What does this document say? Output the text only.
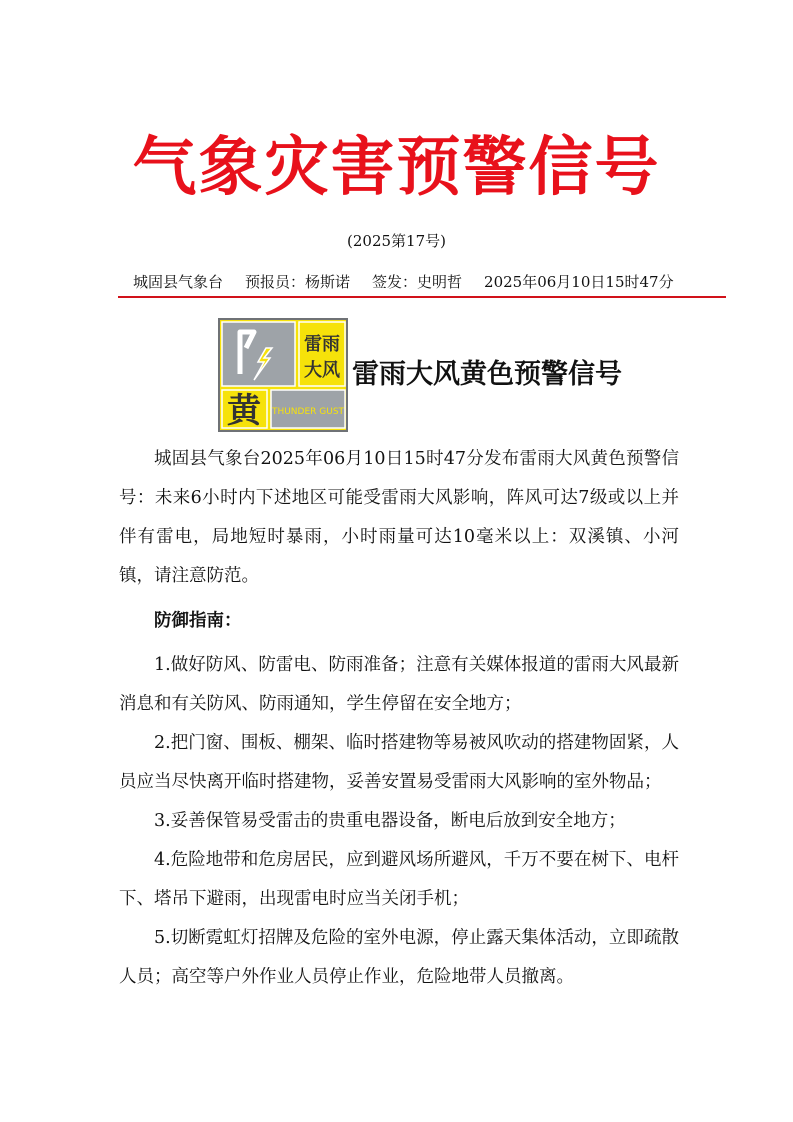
气象灾害预警信号
(2025第17号)
城固县气象台 预报员：杨斯诺 签发：史明哲 2025年06月10日15时47分
雷雨
大风
黄 THUNDER GUST
雷雨大风黄色预警信号

城固县气象台2025年06月10日15时47分发布雷雨大风黄色预警信号：未来6小时内下述地区可能受雷雨大风影响，阵风可达7级或以上并伴有雷电，局地短时暴雨，小时雨量可达10毫米以上：双溪镇、小河镇，请注意防范。

防御指南：

1.做好防风、防雷电、防雨准备；注意有关媒体报道的雷雨大风最新消息和有关防风、防雨通知，学生停留在安全地方；

2.把门窗、围板、棚架、临时搭建物等易被风吹动的搭建物固紧，人员应当尽快离开临时搭建物，妥善安置易受雷雨大风影响的室外物品；

3.妥善保管易受雷击的贵重电器设备，断电后放到安全地方；

4.危险地带和危房居民，应到避风场所避风，千万不要在树下、电杆下、塔吊下避雨，出现雷电时应当关闭手机；

5.切断霓虹灯招牌及危险的室外电源，停止露天集体活动，立即疏散人员；高空等户外作业人员停止作业，危险地带人员撤离。
